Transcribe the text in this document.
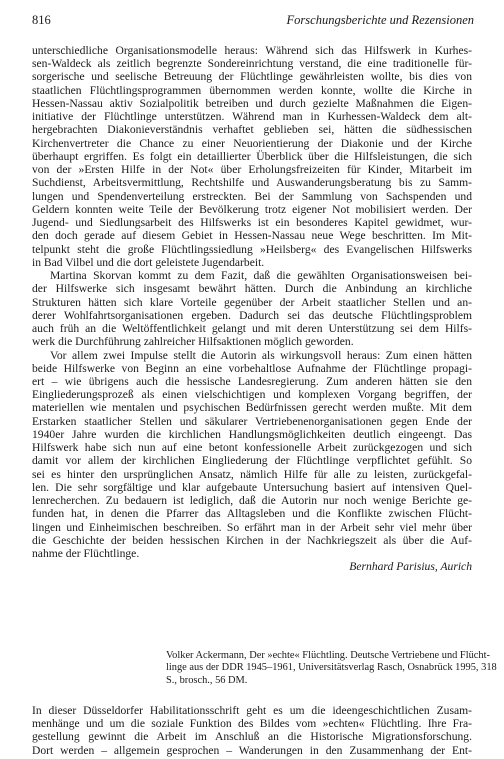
816	Forschungsberichte und Rezensionen
unterschiedliche Organisationsmodelle heraus: Während sich das Hilfswerk in Kurhes-
sen-Waldeck als zeitlich begrenzte Sondereinrichtung verstand, die eine traditionelle für-
sorgerische und seelische Betreuung der Flüchtlinge gewährleisten wollte, bis dies von
staatlichen Flüchtlingsprogrammen übernommen werden konnte, wollte die Kirche in
Hessen-Nassau aktiv Sozialpolitik betreiben und durch gezielte Maßnahmen die Eigen-
initiative der Flüchtlinge unterstützen. Während man in Kurhessen-Waldeck dem alt-
hergebrachten Diakonieverständnis verhaftet geblieben sei, hätten die südhessischen
Kirchenvertreter die Chance zu einer Neuorientierung der Diakonie und der Kirche
überhaupt ergriffen. Es folgt ein detaillierter Überblick über die Hilfsleistungen, die sich
von der »Ersten Hilfe in der Not« über Erholungsfreizeiten für Kinder, Mitarbeit im
Suchdienst, Arbeitsvermittlung, Rechtshilfe und Auswanderungsberatung bis zu Samm-
lungen und Spendenverteilung erstreckten. Bei der Sammlung von Sachspenden und
Geldern konnten weite Teile der Bevölkerung trotz eigener Not mobilisiert werden. Der
Jugend- und Siedlungsarbeit des Hilfswerks ist ein besonderes Kapitel gewidmet, wur-
den doch gerade auf diesem Gebiet in Hessen-Nassau neue Wege beschritten. Im Mit-
telpunkt steht die große Flüchtlingssiedlung »Heilsberg« des Evangelischen Hilfswerks
in Bad Vilbel und die dort geleistete Jugendarbeit.
Martina Skorvan kommt zu dem Fazit, daß die gewählten Organisationsweisen bei-
der Hilfswerke sich insgesamt bewährt hätten. Durch die Anbindung an kirchliche
Strukturen hätten sich klare Vorteile gegenüber der Arbeit staatlicher Stellen und an-
derer Wohlfahrtsorganisationen ergeben. Dadurch sei das deutsche Flüchtlingsproblem
auch früh an die Weltöffentlichkeit gelangt und mit deren Unterstützung sei dem Hilfs-
werk die Durchführung zahlreicher Hilfsaktionen möglich geworden.
Vor allem zwei Impulse stellt die Autorin als wirkungsvoll heraus: Zum einen hätten
beide Hilfswerke von Beginn an eine vorbehaltlose Aufnahme der Flüchtlinge propagi-
ert – wie übrigens auch die hessische Landesregierung. Zum anderen hätten sie den
Eingliederungsprozeß als einen vielschichtigen und komplexen Vorgang begriffen, der
materiellen wie mentalen und psychischen Bedürfnissen gerecht werden mußte. Mit dem
Erstarken staatlicher Stellen und säkularer Vertriebenenorganisationen gegen Ende der
1940er Jahre wurden die kirchlichen Handlungsmöglichkeiten deutlich eingeengt. Das
Hilfswerk habe sich nun auf eine betont konfessionelle Arbeit zurückgezogen und sich
damit vor allem der kirchlichen Eingliederung der Flüchtlinge verpflichtet gefühlt. So
sei es hinter den ursprünglichen Ansatz, nämlich Hilfe für alle zu leisten, zurückgefal-
len. Die sehr sorgfältige und klar aufgebaute Untersuchung basiert auf intensiven Quel-
lenrecherchen. Zu bedauern ist lediglich, daß die Autorin nur noch wenige Berichte ge-
funden hat, in denen die Pfarrer das Alltagsleben und die Konflikte zwischen Flücht-
lingen und Einheimischen beschreiben. So erfährt man in der Arbeit sehr viel mehr über
die Geschichte der beiden hessischen Kirchen in der Nachkriegszeit als über die Auf-
nahme der Flüchtlinge.
Bernhard Parisius, Aurich
Volker Ackermann, Der »echte« Flüchtling. Deutsche Vertriebene und Flücht-
linge aus der DDR 1945–1961, Universitätsverlag Rasch, Osnabrück 1995, 318
S., brosch., 56 DM.
In dieser Düsseldorfer Habilitationsschrift geht es um die ideengeschichtlichen Zusam-
menhänge und um die soziale Funktion des Bildes vom »echten« Flüchtling. Ihre Fra-
gestellung gewinnt die Arbeit im Anschluß an die Historische Migrationsforschung.
Dort werden – allgemein gesprochen – Wanderungen in den Zusammenhang der Ent-
